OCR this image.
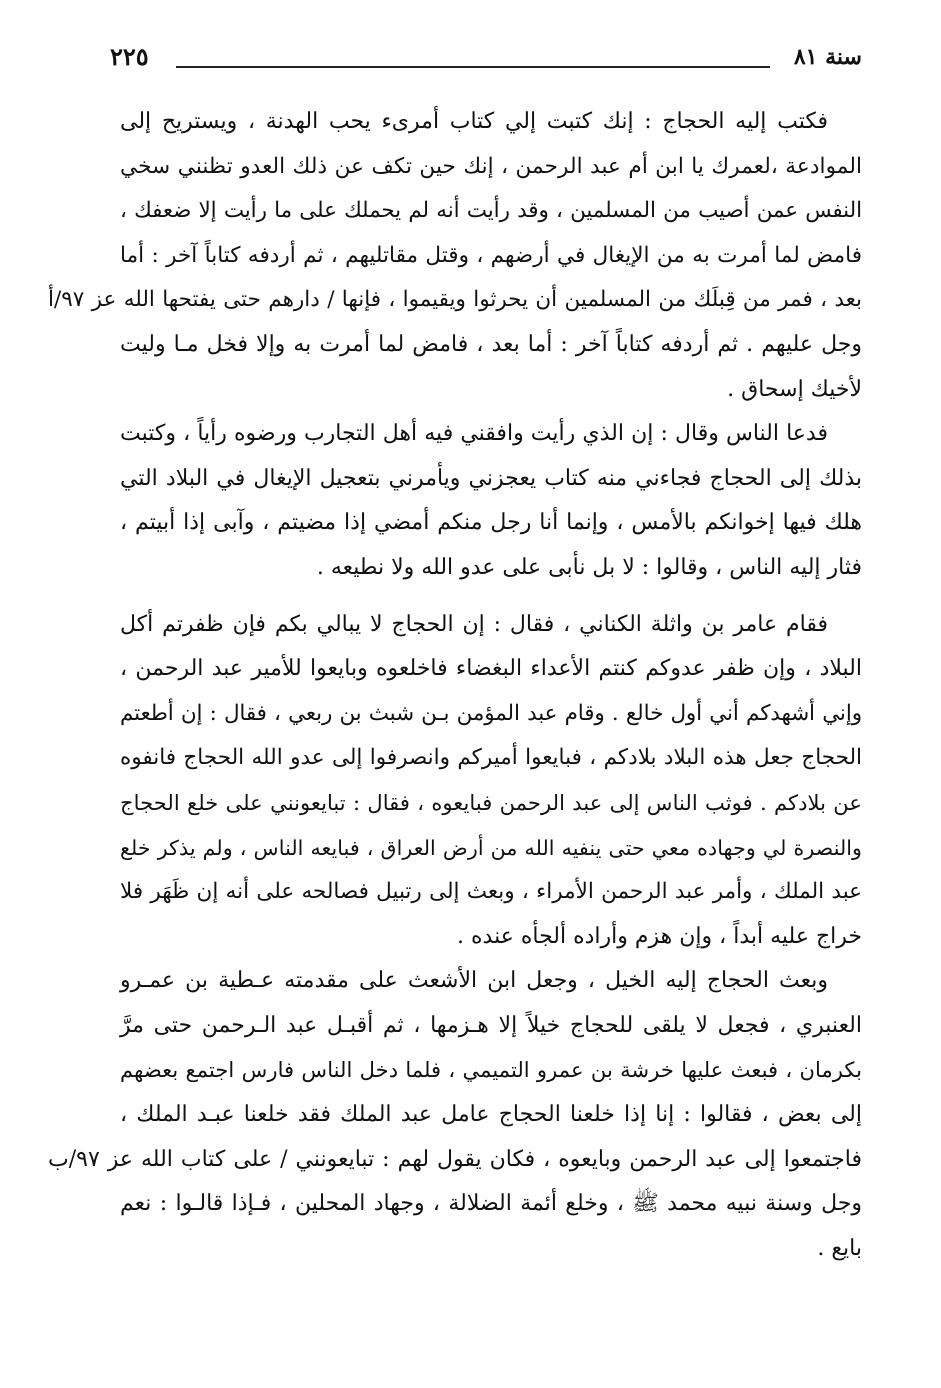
سنة ٨١
٢٢٥
فكتب إليه الحجاج : إنك كتبت إلي كتاب أمرىء يحب الهدنة ، ويستريح إلى
الموادعة ،لعمرك يا ابن أم عبد الرحمن ، إنك حين تكف عن ذلك العدو تظنني سخي
النفس عمن أصيب من المسلمين ، وقد رأيت أنه لم يحملك على ما رأيت إلا ضعفك ،
فامض لما أمرت به من الإيغال في أرضهم ، وقتل مقاتليهم ، ثم أردفه كتاباً آخر : أما
بعد ، فمر من قِبلَك من المسلمين أن يحرثوا ويقيموا ، فإنها / دارهم حتى يفتحها الله عز ٩٧/أ
وجل عليهم . ثم أردفه كتاباً آخر : أما بعد ، فامض لما أمرت به وإلا فخل مـا وليت
لأخيك إسحاق .
فدعا الناس وقال : إن الذي رأيت وافقني فيه أهل التجارب ورضوه رأياً ، وكتبت
بذلك إلى الحجاج فجاءني منه كتاب يعجزني ويأمرني بتعجيل الإيغال في البلاد التي
هلك فيها إخوانكم بالأمس ، وإنما أنا رجل منكم أمضي إذا مضيتم ، وآبى إذا أبيتم ،
فثار إليه الناس ، وقالوا : لا بل نأبى على عدو الله ولا نطيعه .
فقام عامر بن واثلة الكناني ، فقال : إن الحجاج لا يبالي بكم فإن ظفرتم أكل
البلاد ، وإن ظفر عدوكم كنتم الأعداء البغضاء فاخلعوه وبايعوا للأمير عبد الرحمن ،
وإني أشهدكم أني أول خالع . وقام عبد المؤمن بـن شبث بن ربعي ، فقال : إن أطعتم
الحجاج جعل هذه البلاد بلادكم ، فبايعوا أميركم وانصرفوا إلى عدو الله الحجاج فانفوه
عن بلادكم . فوثب الناس إلى عبد الرحمن فبايعوه ، فقال : تبايعونني على خلع الحجاج
والنصرة لي وجهاده معي حتى ينفيه الله من أرض العراق ، فبايعه الناس ، ولم يذكر خلع
عبد الملك ، وأمر عبد الرحمن الأمراء ، وبعث إلى رتبيل فصالحه على أنه إن ظَهَر فلا
خراج عليه أبداً ، وإن هزم وأراده ألجأه عنده .
وبعث الحجاج إليه الخيل ، وجعل ابن الأشعث على مقدمته عـطية بن عمـرو
العنبري ، فجعل لا يلقى للحجاج خيلاً إلا هـزمها ، ثم أقبـل عبد الـرحمن حتى مرَّ
بكرمان ، فبعث عليها خرشة بن عمرو التميمي ، فلما دخل الناس فارس اجتمع بعضهم
إلى بعض ، فقالوا : إنا إذا خلعنا الحجاج عامل عبد الملك فقد خلعنا عبـد الملك ،
فاجتمعوا إلى عبد الرحمن وبايعوه ، فكان يقول لهم : تبايعونني / على كتاب الله عز ٩٧/ب
وجل وسنة نبيه محمد ﷺ ، وخلع أئمة الضلالة ، وجهاد المحلين ، فـإذا قالـوا : نعم
بايع .
